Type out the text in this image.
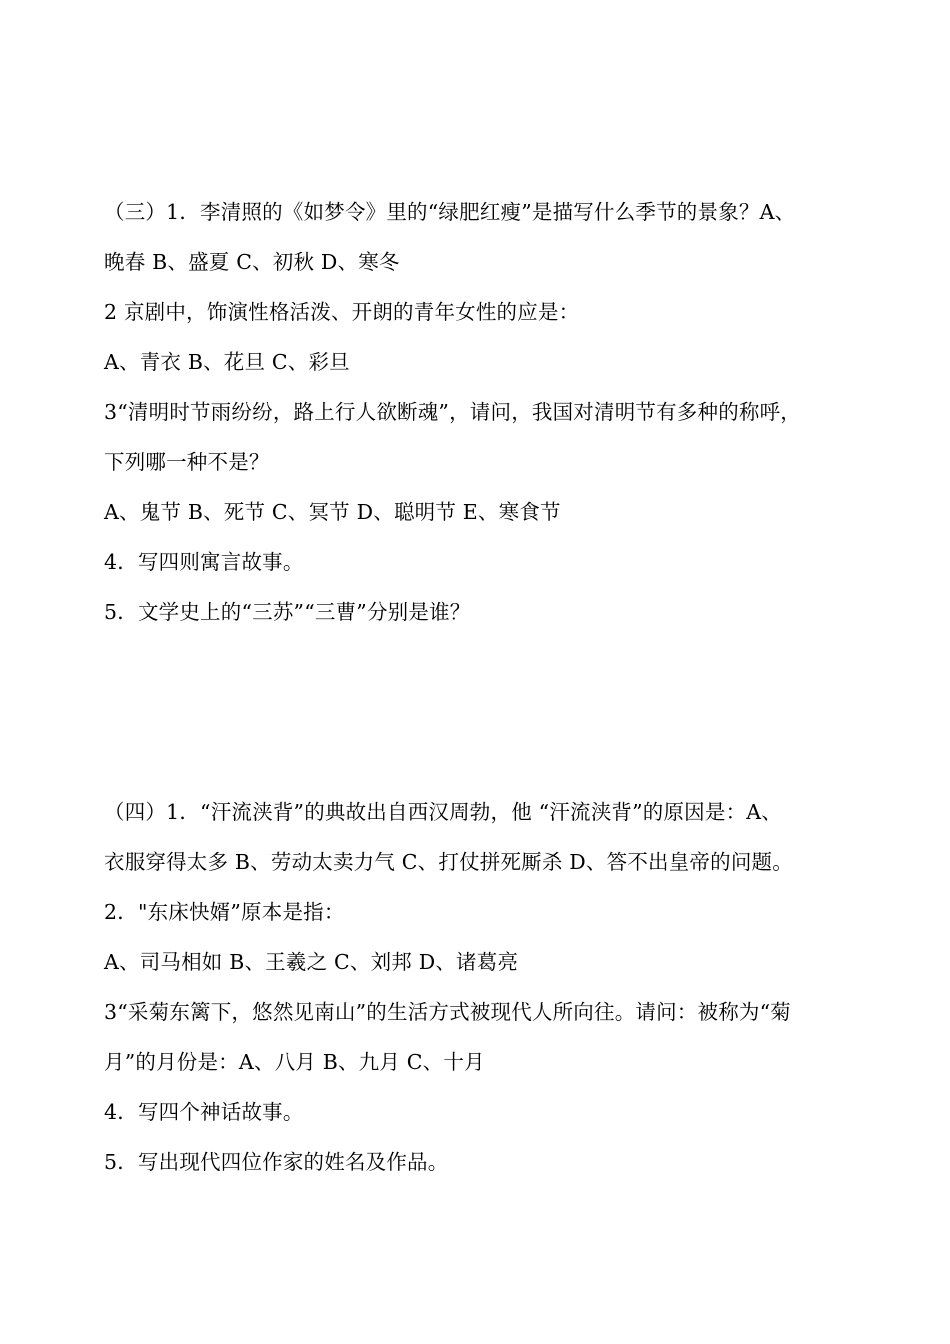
（三）1．李清照的《如梦令》里的“绿肥红瘦”是描写什么季节的景象？A、
晚春 B、盛夏 C、初秋 D、寒冬
2 京剧中，饰演性格活泼、开朗的青年女性的应是：
A、青衣 B、花旦 C、彩旦
3“清明时节雨纷纷，路上行人欲断魂”，请问，我国对清明节有多种的称呼，
下列哪一种不是？
A、鬼节 B、死节 C、冥节 D、聪明节 E、寒食节
4．写四则寓言故事。
5．文学史上的“三苏”“三曹”分别是谁？
（四）1．“汗流浃背”的典故出自西汉周勃，他 “汗流浃背”的原因是：A、
衣服穿得太多 B、劳动太卖力气 C、打仗拼死厮杀 D、答不出皇帝的问题。
2．"东床快婿”原本是指：
A、司马相如 B、王羲之 C、刘邦 D、诸葛亮
3“采菊东篱下，悠然见南山”的生活方式被现代人所向往。请问：被称为“菊
月”的月份是：A、八月 B、九月 C、十月
4．写四个神话故事。
5．写出现代四位作家的姓名及作品。
